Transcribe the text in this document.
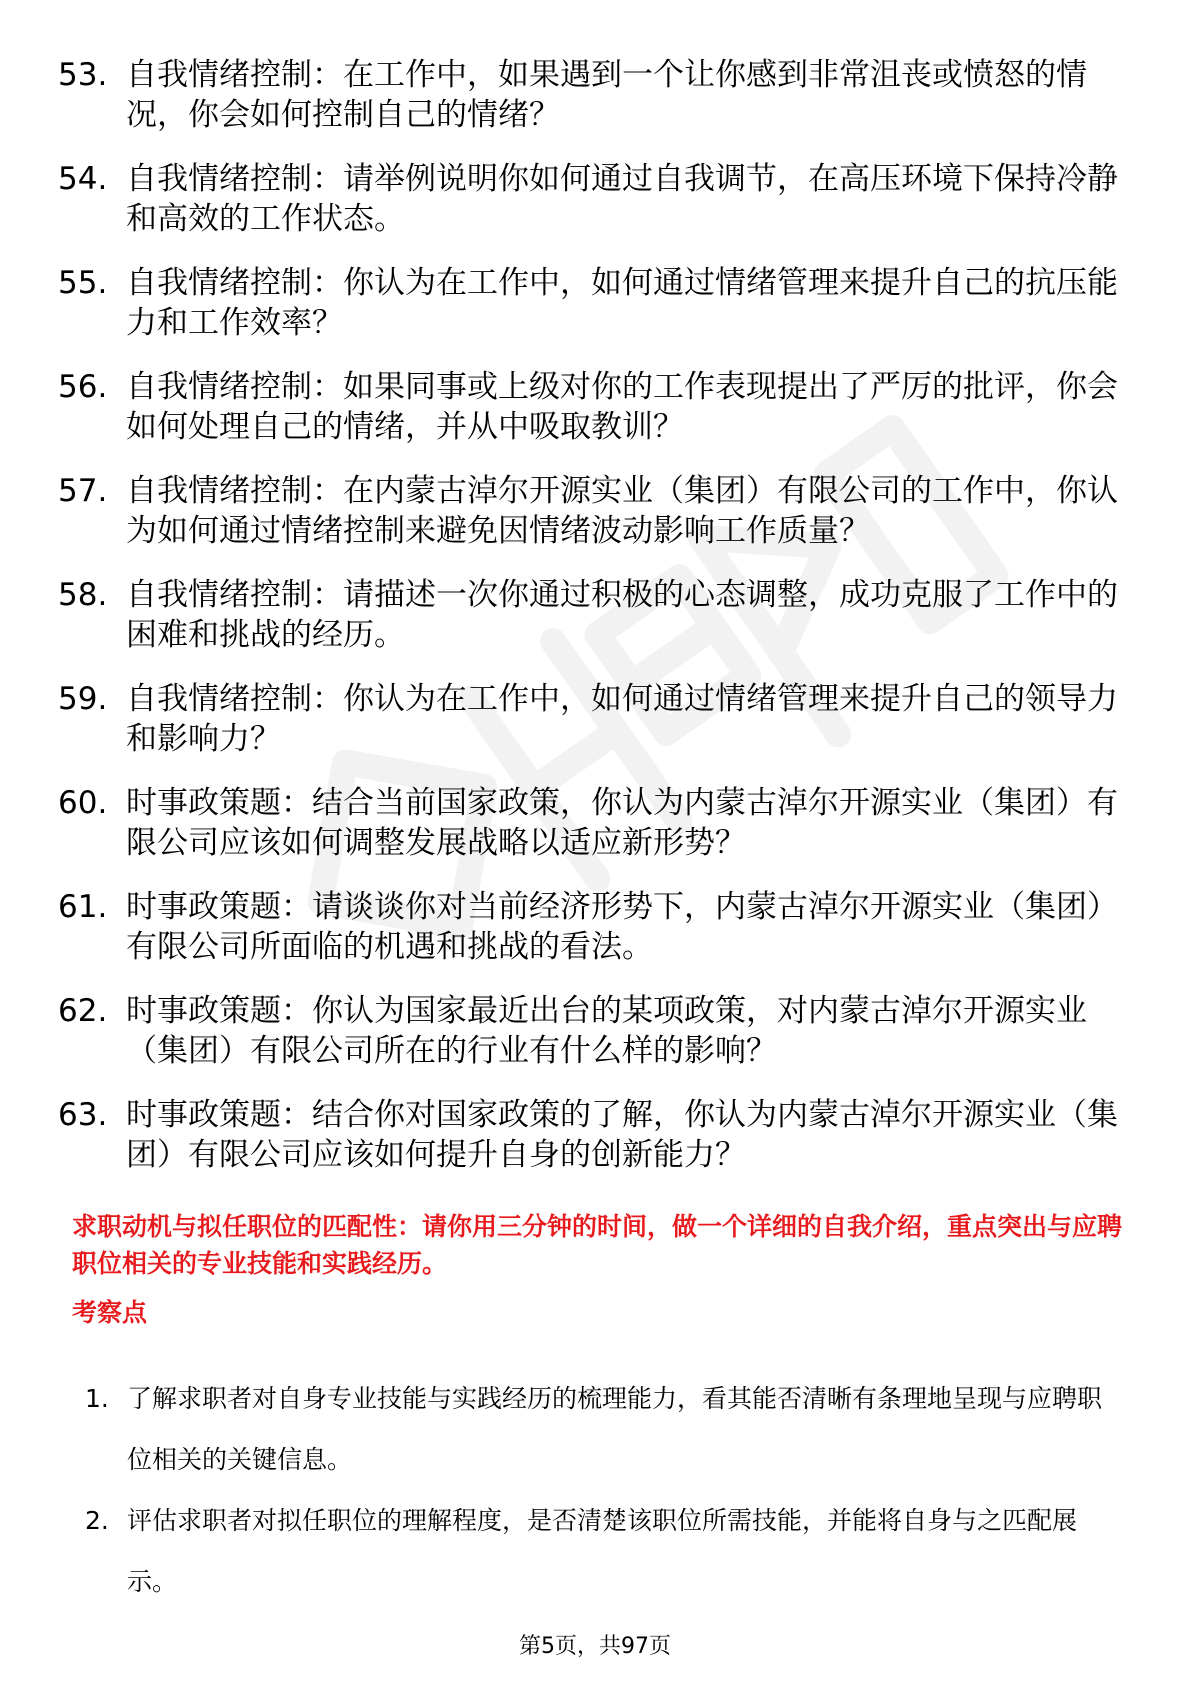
53. 自我情绪控制：在工作中，如果遇到一个让你感到非常沮丧或愤怒的情况，你会如何控制自己的情绪？
54. 自我情绪控制：请举例说明你如何通过自我调节，在高压环境下保持冷静和高效的工作状态。
55. 自我情绪控制：你认为在工作中，如何通过情绪管理来提升自己的抗压能力和工作效率？
56. 自我情绪控制：如果同事或上级对你的工作表现提出了严厉的批评，你会如何处理自己的情绪，并从中吸取教训？
57. 自我情绪控制：在内蒙古淖尔开源实业（集团）有限公司的工作中，你认为如何通过情绪控制来避免因情绪波动影响工作质量？
58. 自我情绪控制：请描述一次你通过积极的心态调整，成功克服了工作中的困难和挑战的经历。
59. 自我情绪控制：你认为在工作中，如何通过情绪管理来提升自己的领导力和影响力？
60. 时事政策题：结合当前国家政策，你认为内蒙古淖尔开源实业（集团）有限公司应该如何调整发展战略以适应新形势？
61. 时事政策题：请谈谈你对当前经济形势下，内蒙古淖尔开源实业（集团）有限公司所面临的机遇和挑战的看法。
62. 时事政策题：你认为国家最近出台的某项政策，对内蒙古淖尔开源实业（集团）有限公司所在的行业有什么样的影响？
63. 时事政策题：结合你对国家政策的了解，你认为内蒙古淖尔开源实业（集团）有限公司应该如何提升自身的创新能力？
求职动机与拟任职位的匹配性：请你用三分钟的时间，做一个详细的自我介绍，重点突出与应聘职位相关的专业技能和实践经历。
考察点
1. 了解求职者对自身专业技能与实践经历的梳理能力，看其能否清晰有条理地呈现与应聘职位相关的关键信息。
2. 评估求职者对拟任职位的理解程度，是否清楚该职位所需技能，并能将自身与之匹配展示。
第5页，共97页
